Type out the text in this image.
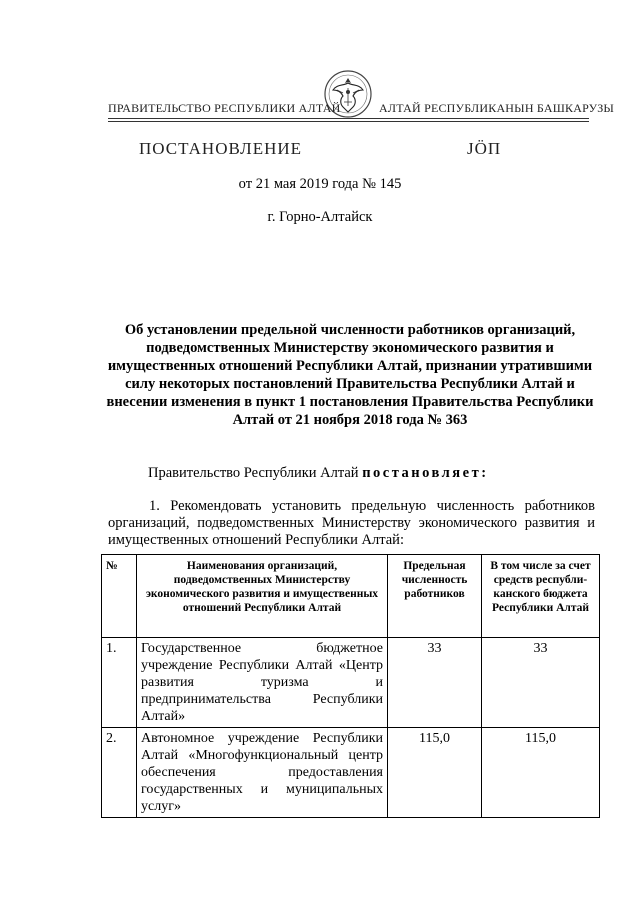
ПРАВИТЕЛЬСТВО РЕСПУБЛИКИ АЛТАЙ	АЛТАЙ РЕСПУБЛИКАНЫН БАШКАРУЗЫ
ПОСТАНОВЛЕНИЕ	JӦП
от 21 мая 2019 года № 145
г. Горно-Алтайск
Об установлении предельной численности работников организаций, подведомственных Министерству экономического развития и имущественных отношений Республики Алтай, признании утратившими силу некоторых постановлений Правительства Республики Алтай и внесении изменения в пункт 1 постановления Правительства Республики Алтай от 21 ноября 2018 года № 363
Правительство Республики Алтай постановляет:
1. Рекомендовать установить предельную численность работников организаций, подведомственных Министерству экономического развития и имущественных отношений Республики Алтай:
№	Наименования организаций, подведомственных Министерству экономического развития и имущественных отношений Республики Алтай	Предельная численность работников	В том числе за счет средств республи-канского бюджета Республики Алтай
1.	Государственное бюджетное учреждение Республики Алтай «Центр развития туризма и предпринимательства Республики Алтай»	33	33
2.	Автономное учреждение Республики Алтай «Многофункциональный центр обеспечения предоставления государственных и муниципальных услуг»	115,0	115,0
